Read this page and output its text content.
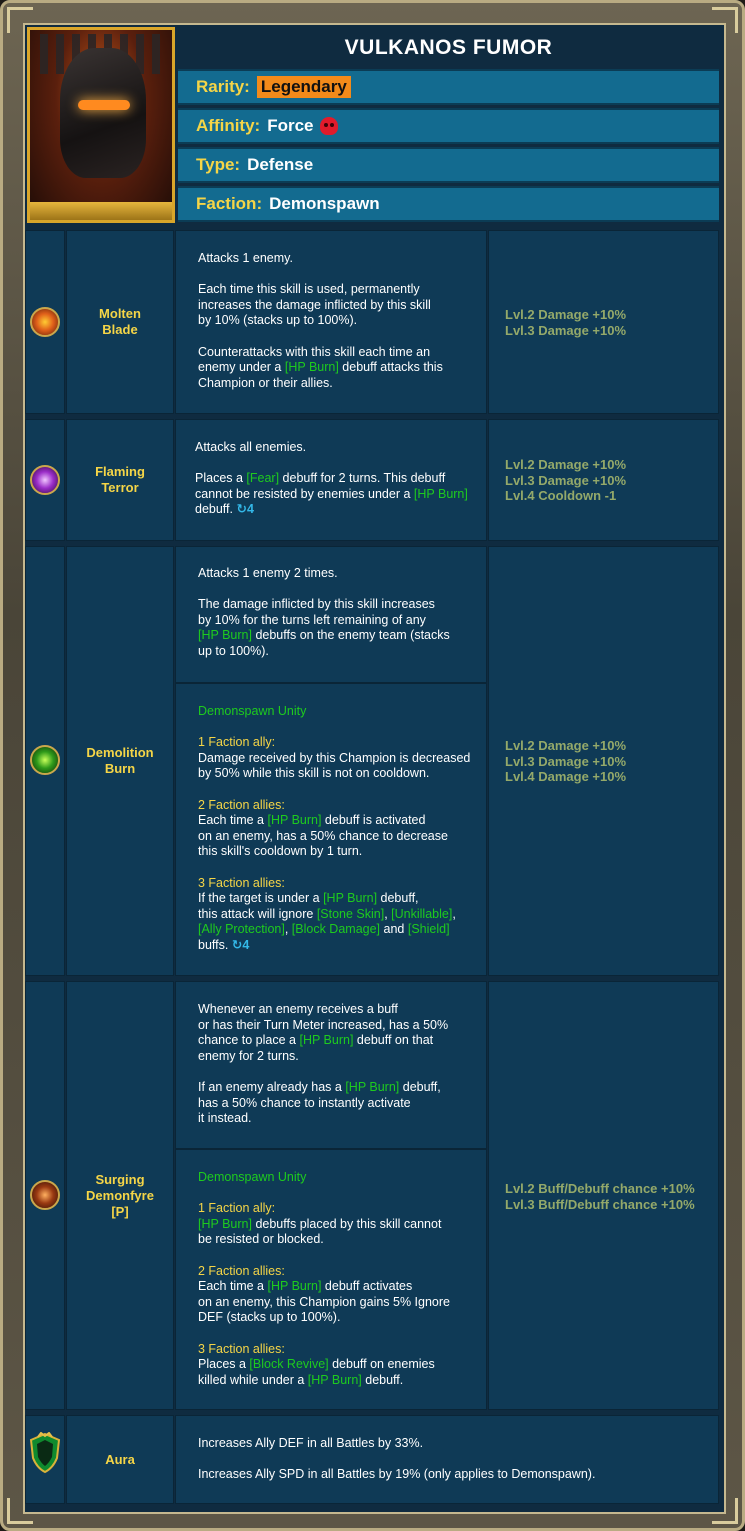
VULKANOS FUMOR
Rarity: Legendary
Affinity: Force
Type: Defense
Faction: Demonspawn
Molten
Blade

Attacks 1 enemy.

Each time this skill is used, permanently
increases the damage inflicted by this skill
by 10% (stacks up to 100%).

Counterattacks with this skill each time an
enemy under a [HP Burn] debuff attacks this
Champion or their allies.

Lvl.2 Damage +10%
Lvl.3 Damage +10%
Flaming
Terror

Attacks all enemies.

Places a [Fear] debuff for 2 turns. This debuff
cannot be resisted by enemies under a [HP Burn]
debuff. ↻4

Lvl.2 Damage +10%
Lvl.3 Damage +10%
Lvl.4 Cooldown -1
Demolition
Burn

Attacks 1 enemy 2 times.

The damage inflicted by this skill increases
by 10% for the turns left remaining of any
[HP Burn] debuffs on the enemy team (stacks
up to 100%).

Demonspawn Unity

1 Faction ally:
Damage received by this Champion is decreased
by 50% while this skill is not on cooldown.

2 Faction allies:
Each time a [HP Burn] debuff is activated
on an enemy, has a 50% chance to decrease
this skill's cooldown by 1 turn.

3 Faction allies:
If the target is under a [HP Burn] debuff,
this attack will ignore [Stone Skin], [Unkillable],
[Ally Protection], [Block Damage] and [Shield]
buffs. ↻4

Lvl.2 Damage +10%
Lvl.3 Damage +10%
Lvl.4 Damage +10%
Surging
Demonfyre
[P]

Whenever an enemy receives a buff
or has their Turn Meter increased, has a 50%
chance to place a [HP Burn] debuff on that
enemy for 2 turns.

If an enemy already has a [HP Burn] debuff,
has a 50% chance to instantly activate
it instead.

Demonspawn Unity

1 Faction ally:
[HP Burn] debuffs placed by this skill cannot
be resisted or blocked.

2 Faction allies:
Each time a [HP Burn] debuff activates
on an enemy, this Champion gains 5% Ignore
DEF (stacks up to 100%).

3 Faction allies:
Places a [Block Revive] debuff on enemies
killed while under a [HP Burn] debuff.

Lvl.2 Buff/Debuff chance +10%
Lvl.3 Buff/Debuff chance +10%
Aura

Increases Ally DEF in all Battles by 33%.

Increases Ally SPD in all Battles by 19% (only applies to Demonspawn).
